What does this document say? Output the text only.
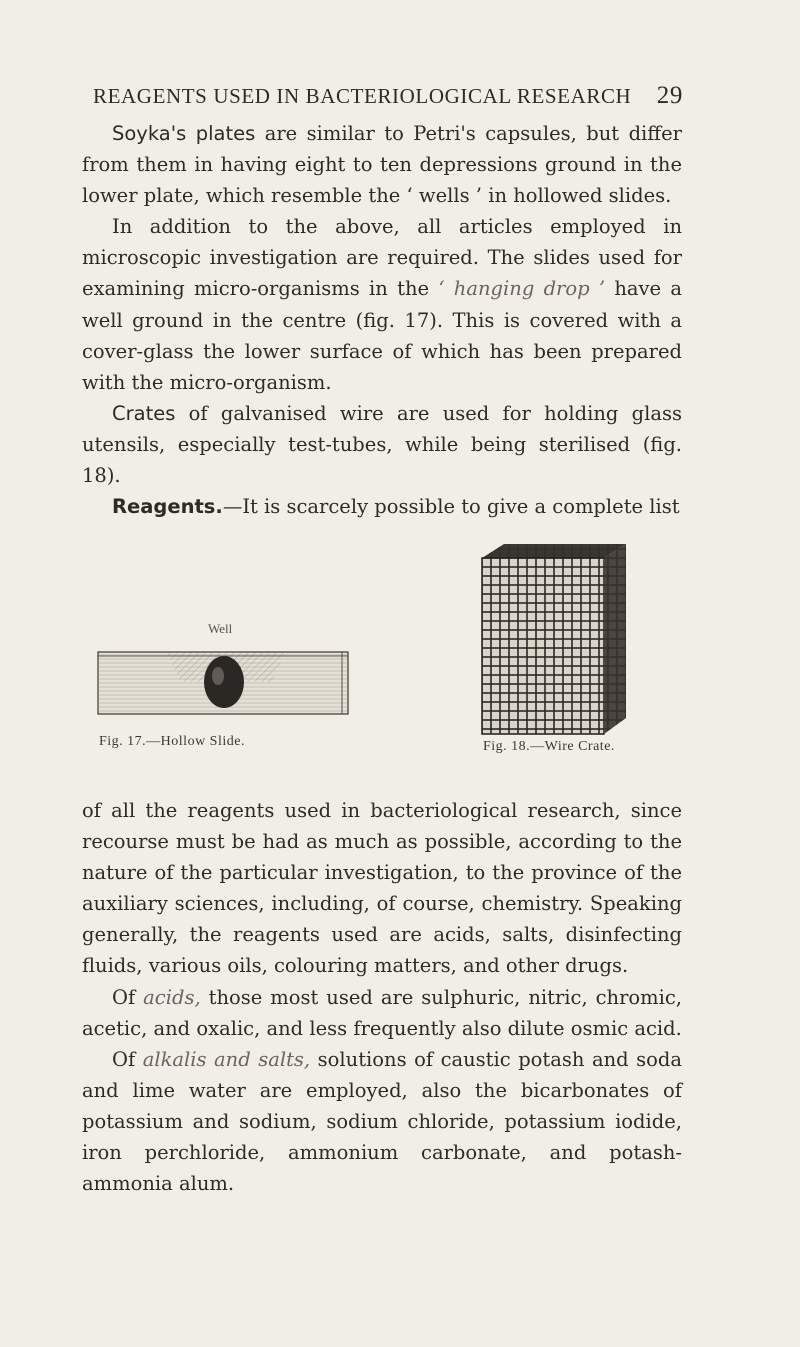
REAGENTS USED IN BACTERIOLOGICAL RESEARCH 29

Soyka's plates are similar to Petri's capsules, but differ from them in having eight to ten depressions ground in the lower plate, which resemble the ‘ wells ’ in hollowed slides.

In addition to the above, all articles employed in microscopic investigation are required. The slides used for examining micro-organisms in the ‘ hanging drop ’ have a well ground in the centre (fig. 17). This is covered with a cover-glass the lower surface of which has been prepared with the micro-organism.

Crates of galvanised wire are used for holding glass utensils, especially test-tubes, while being sterilised (fig. 18).

Reagents.—It is scarcely possible to give a complete list

Well
Fig. 17.—Hollow Slide.	Fig. 18.—Wire Crate.

of all the reagents used in bacteriological research, since recourse must be had as much as possible, according to the nature of the particular investigation, to the province of the auxiliary sciences, including, of course, chemistry. Speaking generally, the reagents used are acids, salts, disinfecting fluids, various oils, colouring matters, and other drugs.

Of acids, those most used are sulphuric, nitric, chromic, acetic, and oxalic, and less frequently also dilute osmic acid.

Of alkalis and salts, solutions of caustic potash and soda and lime water are employed, also the bicarbonates of potassium and sodium, sodium chloride, potassium iodide, iron perchloride, ammonium carbonate, and potash-ammonia alum.
